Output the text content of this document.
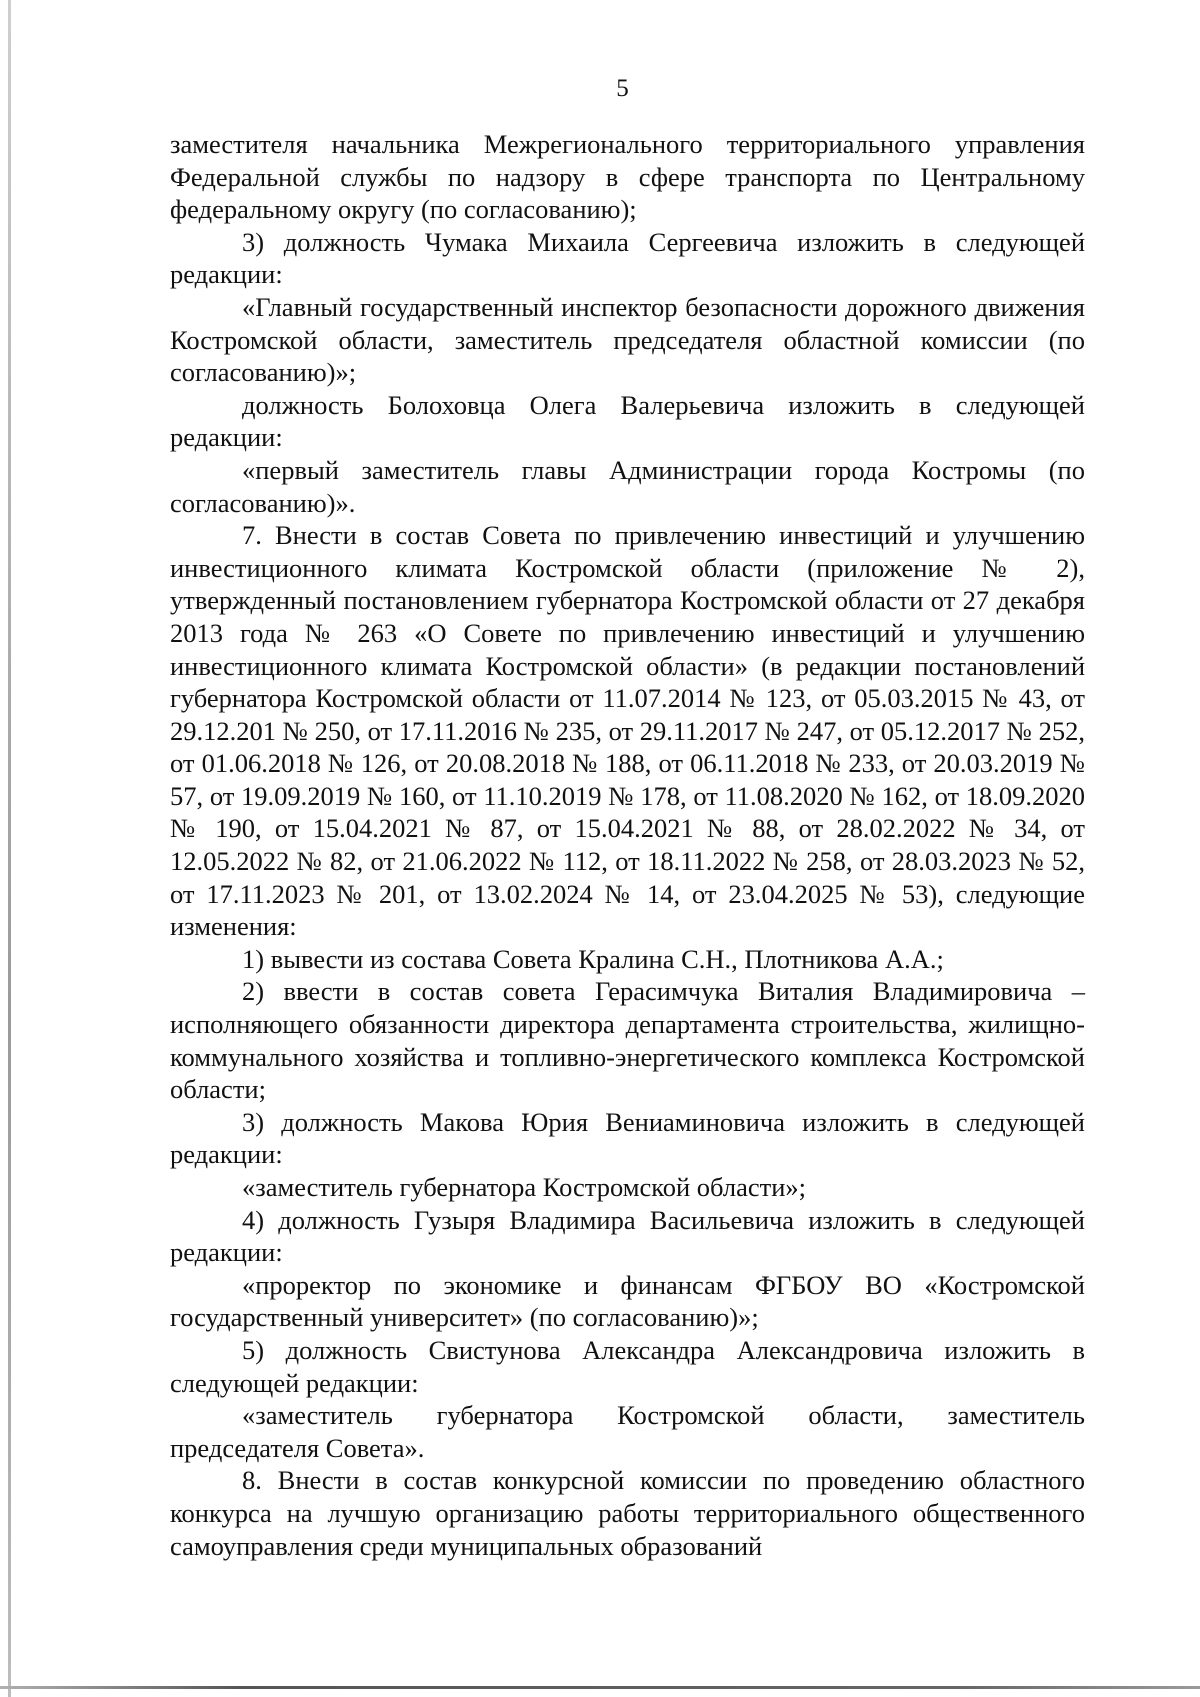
5

заместителя начальника Межрегионального территориального управления Федеральной службы по надзору в сфере транспорта по Центральному федеральному округу (по согласованию);

3) должность Чумака Михаила Сергеевича изложить в следующей редакции:

«Главный государственный инспектор безопасности дорожного движения Костромской области, заместитель председателя областной комиссии (по согласованию)»;

должность Болоховца Олега Валерьевича изложить в следующей редакции:

«первый заместитель главы Администрации города Костромы (по согласованию)».

7. Внести в состав Совета по привлечению инвестиций и улучшению инвестиционного климата Костромской области (приложение № 2), утвержденный постановлением губернатора Костромской области от 27 декабря 2013 года № 263 «О Совете по привлечению инвестиций и улучшению инвестиционного климата Костромской области» (в редакции постановлений губернатора Костромской области от 11.07.2014 № 123, от 05.03.2015 № 43, от 29.12.201 № 250, от 17.11.2016 № 235, от 29.11.2017 № 247, от 05.12.2017 № 252, от 01.06.2018 № 126, от 20.08.2018 № 188, от 06.11.2018 № 233, от 20.03.2019 № 57, от 19.09.2019 № 160, от 11.10.2019 № 178, от 11.08.2020 № 162, от 18.09.2020 № 190, от 15.04.2021 № 87, от 15.04.2021 № 88, от 28.02.2022 № 34, от 12.05.2022 № 82, от 21.06.2022 № 112, от 18.11.2022 № 258, от 28.03.2023 № 52, от 17.11.2023 № 201, от 13.02.2024 № 14, от 23.04.2025 № 53), следующие изменения:

1) вывести из состава Совета Кралина С.Н., Плотникова А.А.;

2) ввести в состав совета Герасимчука Виталия Владимировича – исполняющего обязанности директора департамента строительства, жилищно-коммунального хозяйства и топливно-энергетического комплекса Костромской области;

3) должность Макова Юрия Вениаминовича изложить в следующей редакции:

«заместитель губернатора Костромской области»;

4) должность Гузыря Владимира Васильевича изложить в следующей редакции:

«проректор по экономике и финансам ФГБОУ ВО «Костромской государственный университет» (по согласованию)»;

5) должность Свистунова Александра Александровича изложить в следующей редакции:

«заместитель губернатора Костромской области, заместитель председателя Совета».

8. Внести в состав конкурсной комиссии по проведению областного конкурса на лучшую организацию работы территориального общественного самоуправления среди муниципальных образований
